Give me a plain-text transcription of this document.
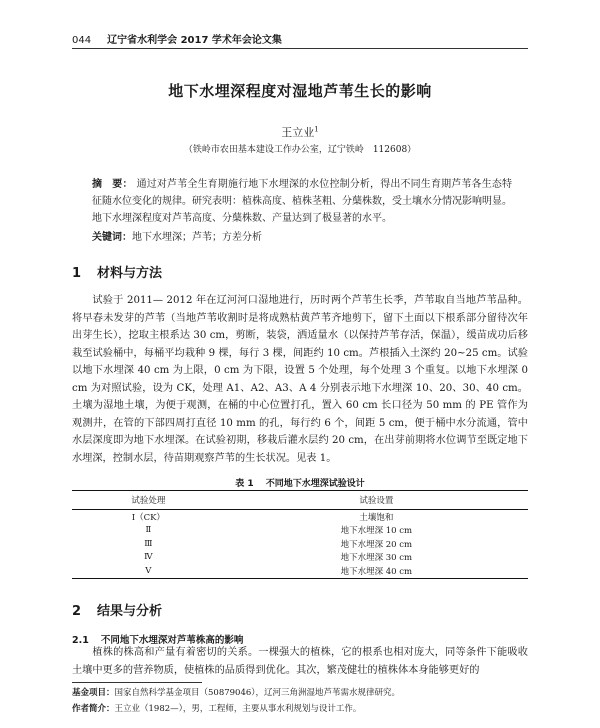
044 辽宁省水利学会 2017 学术年会论文集
地下水埋深程度对湿地芦苇生长的影响
王立业$^1$
（铁岭市农田基本建设工作办公室，辽宁铁岭　112608）
摘　要： 通过对芦苇全生育期施行地下水埋深的水位控制分析，得出不同生育期芦苇各生态特征随水位变化的规律。研究表明：植株高度、植株茎粗、分蘖株数，受土壤水分情况影响明显。地下水埋深程度对芦苇高度、分蘖株数、产量达到了极显著的水平。
关键词：地下水埋深；芦苇；方差分析
1 材料与方法

试验于 2011— 2012 年在辽河河口湿地进行，历时两个芦苇生长季，芦苇取自当地芦苇品种。将早春未发芽的芦苇（当地芦苇收割时是将成熟枯黄芦苇齐地剪下，留下土面以下根系部分留待次年出芽生长），挖取主根系达 30 cm，剪断，装袋，洒适量水（以保持芦苇存活，保温），缓苗成功后移栽至试验桶中，每桶平均栽种 9 棵，每行 3 棵，间距约 10 cm。芦根插入土深约 20~25 cm。试验以地下水埋深 40 cm 为上限，0 cm 为下限，设置 5 个处理，每个处理 3 个重复。以地下水埋深 0 cm 为对照试验，设为 CK，处理 A1、A2、A3、A 4 分别表示地下水埋深 10、20、30、40 cm。土壤为湿地土壤，为便于观测，在桶的中心位置打孔，置入 60 cm 长口径为 50 mm 的 PE 管作为观测井，在管的下部四周打直径 10 mm 的孔，每行约 6 个，间距 5 cm，便于桶中水分流通，管中水层深度即为地下水埋深。在试验初期，移栽后灌水层约 20 cm，在出芽前期将水位调节至既定地下水埋深，控制水层，待苗期观察芦苇的生长状况。见表 1。

表 1 不同地下水埋深试验设计
试验处理	试验设置
Ⅰ（CK）	土壤饱和
Ⅱ	地下水埋深 10 cm
Ⅲ	地下水埋深 20 cm
Ⅳ	地下水埋深 30 cm
Ⅴ	地下水埋深 40 cm
2 结果与分析
2.1 不同地下水埋深对芦苇株高的影响

植株的株高和产量有着密切的关系。一棵强大的植株，它的根系也相对庞大，同等条件下能吸收土壤中更多的营养物质，使植株的品质得到优化。其次，繁茂健壮的植株体本身能够更好的

基金项目：国家自然科学基金项目（50879046），辽河三角洲湿地芦苇需水规律研究。
作者简介：王立业（1982—），男，工程师，主要从事水利规划与设计工作。
